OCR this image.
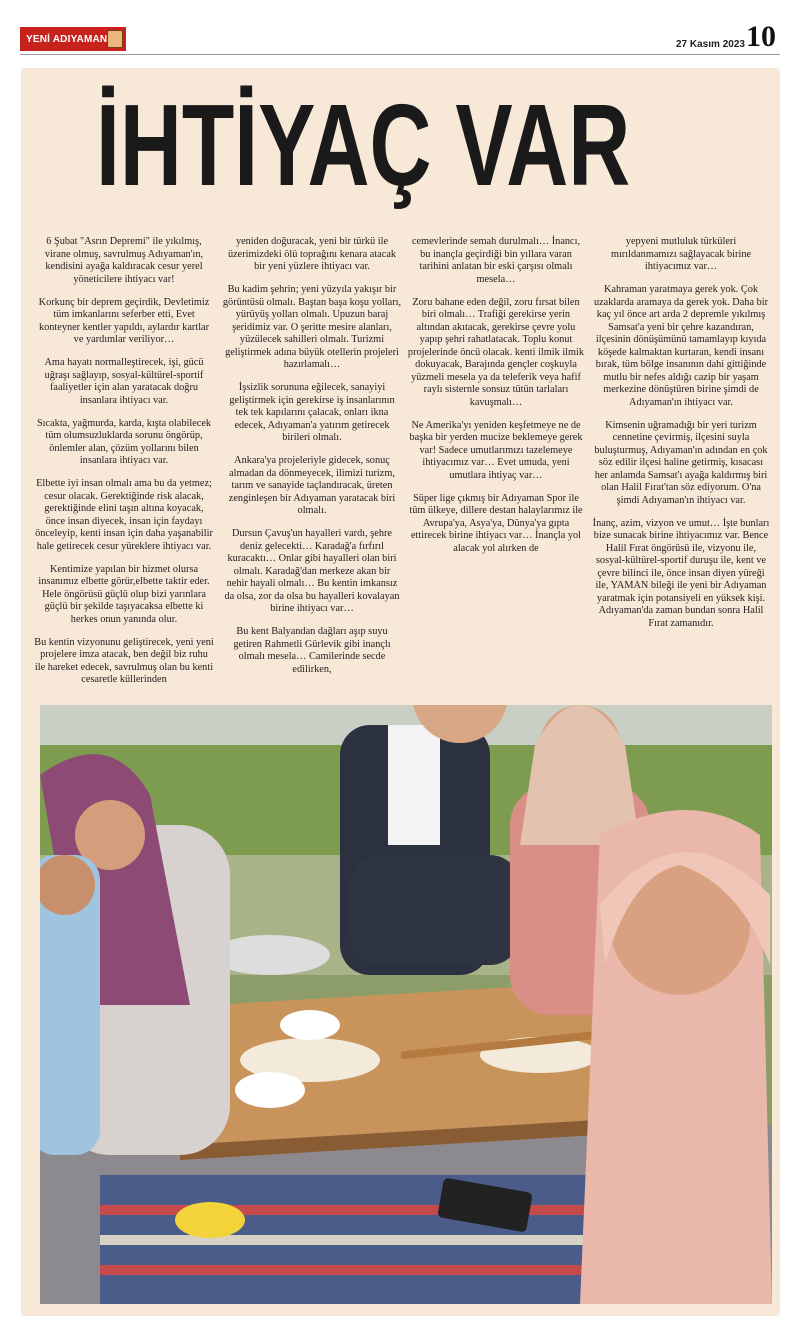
YENİ ADIYAMAN	27 Kasım 2023 10
İHTİYAÇ VAR

6 Şubat "Asrın Depremi" ile yıkılmış, virane olmuş, savrulmuş Adıyaman'ın, kendisini ayağa kaldıracak cesur yerel yöneticilere ihtiyacı var!

Korkunç bir deprem geçirdik, Devletimiz tüm imkanlarını seferber etti, Evet konteyner kentler yapıldı, aylardır kartlar ve yardımlar veriliyor…

Ama hayatı normalleştirecek, işi, gücü uğraşı sağlayıp, sosyal-kültürel-sportif faaliyetler için alan yaratacak doğru insanlara ihtiyacı var.

Sıcakta, yağmurda, karda, kışta olabilecek tüm olumsuzluklarda sorunu öngörüp, önlemler alan, çözüm yollarını bilen insanlara ihtiyacı var.

Elbette iyi insan olmalı ama bu da yetmez; cesur olacak. Gerektiğinde risk alacak, gerektiğinde elini taşın altına koyacak, önce insan diyecek, insan için faydayı önceleyip, kenti insan için daha yaşanabilir hale getirecek cesur yüreklere ihtiyacı var.

Kentimize yapılan bir hizmet olursa insanımız elbette görür,elbette taktir eder. Hele öngörüsü güçlü olup bizi yarınlara güçlü bir şekilde taşıyacaksa elbette ki herkes onun yanında olur.

Bu kentin vizyonunu geliştirecek, yeni yeni projelere imza atacak, ben değil biz ruhu ile hareket edecek, savrulmuş olan bu kenti cesaretle küllerinden

yeniden doğuracak, yeni bir türkü ile üzerimizdeki ölü toprağını kenara atacak bir yeni yüzlere ihtiyacı var.

Bu kadim şehrin; yeni yüzyıla yakışır bir görüntüsü olmalı. Baştan başa koşu yolları, yürüyüş yolları olmalı. Upuzun baraj şeridimiz var. O şeritte mesire alanları, yüzülecek sahilleri olmalı. Turizmi geliştirmek adına büyük otellerin projeleri hazırlamalı…

İşsizlik sorununa eğilecek, sanayiyi geliştirmek için gerekirse iş insanlarının tek tek kapılarını çalacak, onları ikna edecek, Adıyaman'a yatırım getirecek birileri olmalı.

Ankara'ya projeleriyle gidecek, sonuç almadan da dönmeyecek, ilimizi turizm, tarım ve sanayide taçlandıracak, üreten zenginleşen bir Adıyaman yaratacak biri olmalı.

Dursun Çavuş'un hayalleri vardı, şehre deniz gelecekti… Karadağ'a fırfırıl kuracaktı… Onlar gibi hayalleri olan biri olmalı. Karadağ'dan merkeze akan bir nehir hayali olmalı… Bu kentin imkansız da olsa, zor da olsa bu hayalleri kovalayan birine ihtiyacı var…

Bu kent Balyandan dağları aşıp suyu getiren Rahmetli Gürlevik gibi inançlı olmalı mesela… Camilerinde secde edilirken,

cemevlerinde semah durulmalı… İnancı, bu inançla geçirdiği bin yıllara varan tarihini anlatan bir eski çarşısı olmalı mesela…

Zoru bahane eden değil, zoru fırsat bilen biri olmalı… Trafiği gerekirse yerin altından akıtacak, gerekirse çevre yolu yapıp şehri rahatlatacak. Toplu konut projelerinde öncü olacak. kenti ilmik ilmik dokuyacak, Barajında gençler coşkuyla yüzmeli mesela ya da teleferik veya hafif raylı sisternle sonsuz tütün tarlaları kavuşmalı…

Ne Amerika'yı yeniden keşfetmeye ne de başka bir yerden mucize beklemeye gerek var! Sadece umutlarımızı tazelemeye ihtiyacımız var… Evet umuda, yeni umutlara ihtiyaç var…

Süper lige çıkmış bir Adıyaman Spor ile tüm ülkeye, dillere destan halaylarımız ile Avrupa'ya, Asya'ya, Dünya'ya gıpta ettirecek birine ihtiyacı var… İnançla yol alacak yol alırken de

yepyeni mutluluk türküleri mırıldanmamızı sağlayacak birine ihtiyacımız var…

Kahraman yaratmaya gerek yok. Çok uzaklarda aramaya da gerek yok. Daha bir kaç yıl önce art arda 2 depremle yıkılmış Samsat'a yeni bir çehre kazandıran, ilçesinin dönüşümünü tamamlayıp kıyıda köşede kalmaktan kurtaran, kendi insanı bırak, tüm bölge insanının dahi gittiğinde mutlu bir nefes aldığı cazip bir yaşam merkezine dönüştüren birine şimdi de Adıyaman'ın ihtiyacı var.

Kimsenin uğramadığı bir yeri turizm cennetine çevirmiş, ilçesini suyla buluşturmuş, Adıyaman'ın adından en çok söz edilir ilçesi haline getirmiş, kısacası her anlamda Samsat'ı ayağa kaldırmış biri olan Halil Fırat'tan söz ediyorum. O'na şimdi Adıyaman'ın ihtiyacı var.

İnanç, azim, vizyon ve umut… İşte bunları bize sunacak birine ihtiyacımız var. Bence Halil Fırat öngörüsü ile, vizyonu ile, sosyal-kültürel-sportif duruşu ile, kent ve çevre bilinci ile, önce insan diyen yüreği ile, YAMAN bileği ile yeni bir Adıyaman yaratmak için potansiyeli en yüksek kişi. Adıyaman'da zaman bundan sonra Halil Fırat zamanıdır.
